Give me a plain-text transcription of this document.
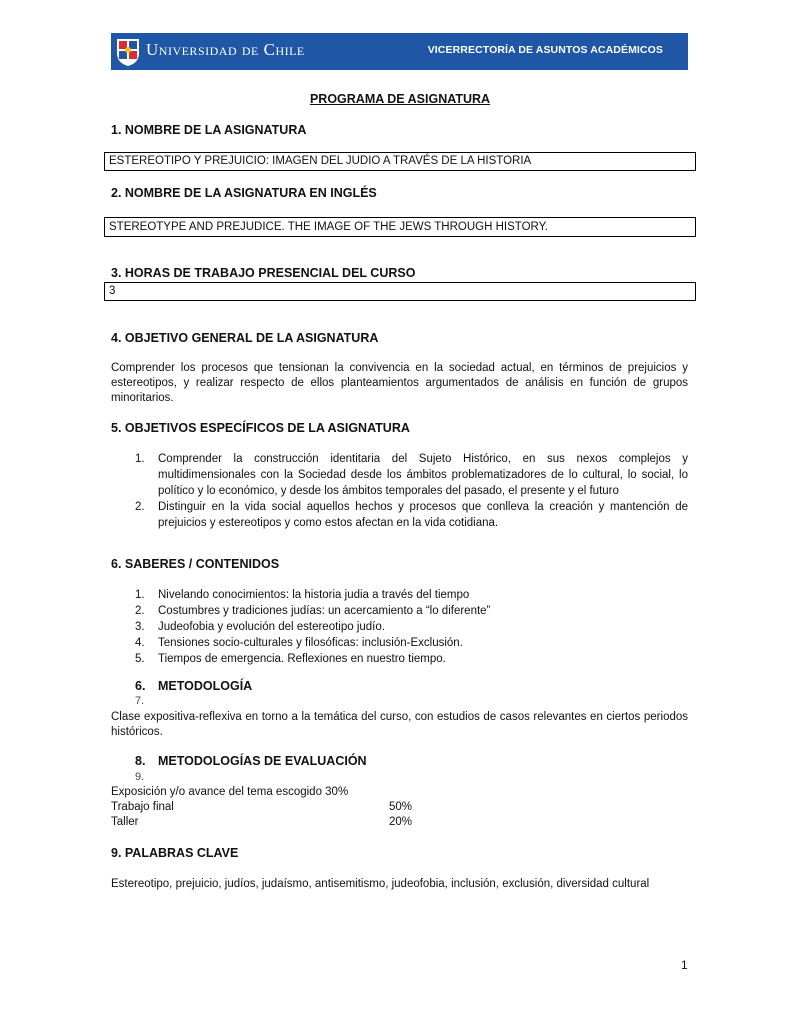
Universidad de Chile	VICERRECTORÍA DE ASUNTOS ACADÉMICOS
PROGRAMA DE ASIGNATURA
1. NOMBRE DE LA ASIGNATURA
ESTEREOTIPO Y PREJUICIO: IMAGEN DEL JUDIO A TRAVÉS DE LA HISTORIA
2. NOMBRE DE LA ASIGNATURA EN INGLÉS
STEREOTYPE AND PREJUDICE. THE IMAGE OF THE JEWS THROUGH HISTORY.
3. HORAS DE TRABAJO PRESENCIAL DEL CURSO
3
4. OBJETIVO GENERAL DE LA ASIGNATURA
Comprender los procesos que tensionan la convivencia en la sociedad actual, en términos de prejuicios y estereotipos, y realizar respecto de ellos planteamientos argumentados de análisis en función de grupos minoritarios.
5. OBJETIVOS ESPECÍFICOS DE LA ASIGNATURA
1. Comprender la construcción identitaria del Sujeto Histórico, en sus nexos complejos y multidimensionales con la Sociedad desde los ámbitos problematizadores de lo cultural, lo social, lo político y lo económico, y desde los ámbitos temporales del pasado, el presente y el futuro
2. Distinguir en la vida social aquellos hechos y procesos que conlleva la creación y mantención de prejuicios y estereotipos y como estos afectan en la vida cotidiana.
6. SABERES / CONTENIDOS
1. Nivelando conocimientos: la historia judia a través del tiempo
2. Costumbres y tradiciones judías: un acercamiento a “lo diferente”
3. Judeofobia y evolución del estereotipo judío.
4. Tensiones socio-culturales y filosóficas: inclusión-Exclusión.
5. Tiempos de emergencia. Reflexiones en nuestro tiempo.
6. METODOLOGÍA
7.
Clase expositiva-reflexiva en torno a la temática del curso, con estudios de casos relevantes en ciertos periodos históricos.
8. METODOLOGÍAS DE EVALUACIÓN
9.
Exposición y/o avance del tema escogido 30%
Trabajo final	50%
Taller	20%
9. PALABRAS CLAVE
Estereotipo, prejuicio, judíos, judaísmo, antisemitismo, judeofobia, inclusión, exclusión, diversidad cultural
1
